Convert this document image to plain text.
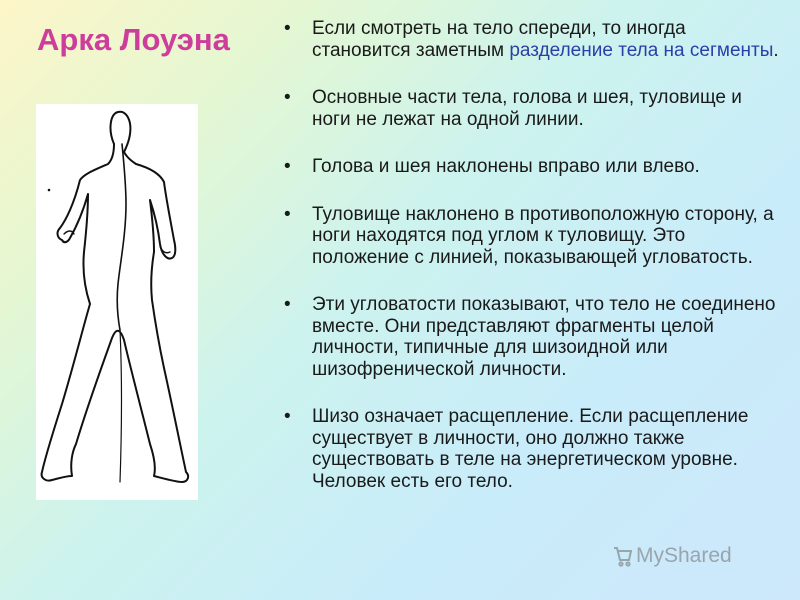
Арка Лоуэна	• Если смотреть на тело спереди, то иногда становится заметным разделение тела на сегменты.
• Основные части тела, голова и шея, туловище и ноги не лежат на одной линии.
• Голова и шея наклонены вправо или влево.
• Туловище наклонено в противоположную сторону, а ноги находятся под углом к туловищу. Это положение с линией, показывающей угловатость.
• Эти угловатости показывают, что тело не соединено вместе. Они представляют фрагменты целой личности, типичные для шизоидной или шизофренической личности.
• Шизо означает расщепление. Если расщепление существует в личности, оно должно также существовать в теле на энергетическом уровне. Человек есть его тело.
MyShared
